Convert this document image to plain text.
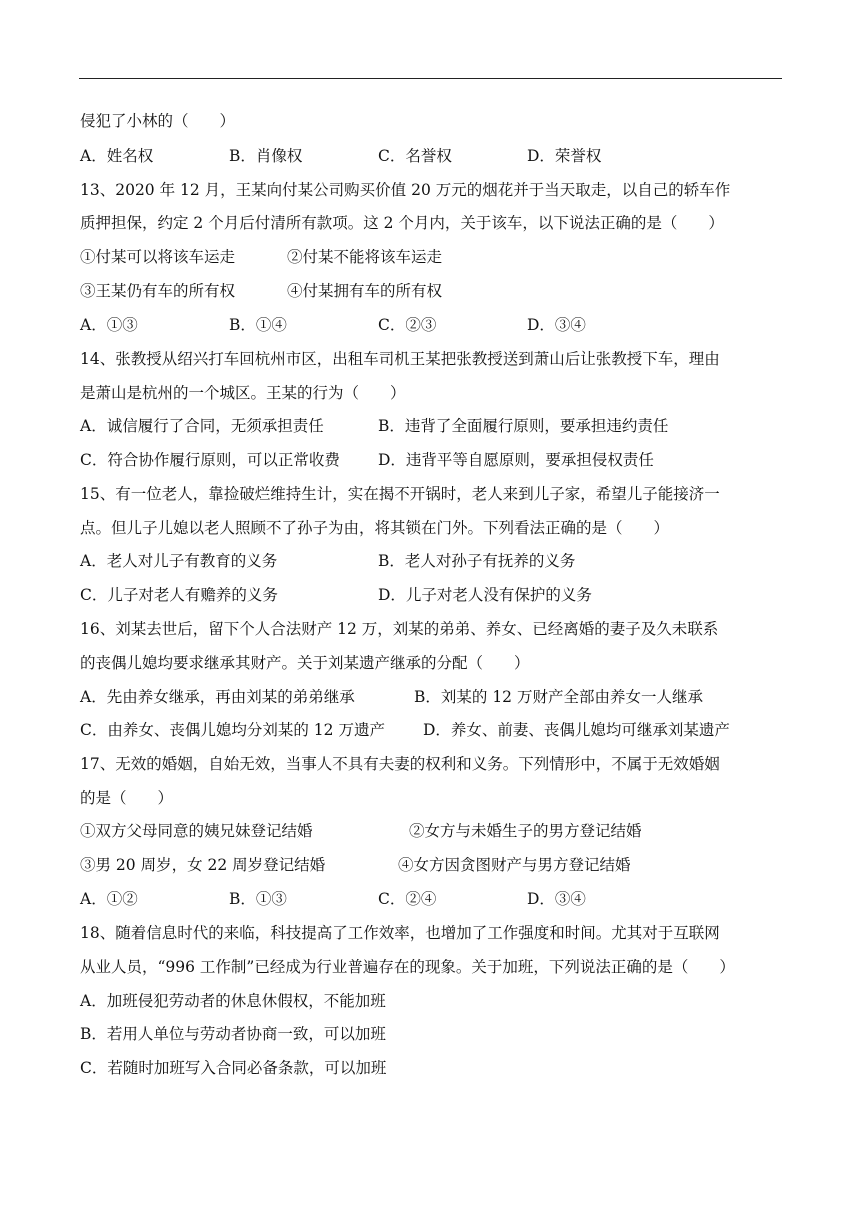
侵犯了小林的（　　）
A．姓名权	B．肖像权	C．名誉权	D．荣誉权
13、2020 年 12 月，王某向付某公司购买价值 20 万元的烟花并于当天取走，以自己的轿车作
质押担保，约定 2 个月后付清所有款项。这 2 个月内，关于该车，以下说法正确的是（　　）
①付某可以将该车运走	②付某不能将该车运走
③王某仍有车的所有权	④付某拥有车的所有权
A．①③	B．①④	C．②③	D．③④
14、张教授从绍兴打车回杭州市区，出租车司机王某把张教授送到萧山后让张教授下车，理由
是萧山是杭州的一个城区。王某的行为（　　）
A．诚信履行了合同，无须承担责任	B．违背了全面履行原则，要承担违约责任
C．符合协作履行原则，可以正常收费 D．违背平等自愿原则，要承担侵权责任
15、有一位老人，靠捡破烂维持生计，实在揭不开锅时，老人来到儿子家，希望儿子能接济一
点。但儿子儿媳以老人照顾不了孙子为由，将其锁在门外。下列看法正确的是（　　）
A．老人对儿子有教育的义务	B．老人对孙子有抚养的义务
C．儿子对老人有赡养的义务	D．儿子对老人没有保护的义务
16、刘某去世后，留下个人合法财产 12 万，刘某的弟弟、养女、已经离婚的妻子及久未联系
的丧偶儿媳均要求继承其财产。关于刘某遗产继承的分配（　　）
A．先由养女继承，再由刘某的弟弟继承	B．刘某的 12 万财产全部由养女一人继承
C．由养女、丧偶儿媳均分刘某的 12 万遗产 D．养女、前妻、丧偶儿媳均可继承刘某遗产
17、无效的婚姻，自始无效，当事人不具有夫妻的权利和义务。下列情形中，不属于无效婚姻
的是（　　）
①双方父母同意的姨兄妹登记结婚	②女方与未婚生子的男方登记结婚
③男 20 周岁，女 22 周岁登记结婚	④女方因贪图财产与男方登记结婚
A．①②	B．①③	C．②④	D．③④
18、随着信息时代的来临，科技提高了工作效率，也增加了工作强度和时间。尤其对于互联网
从业人员，“996 工作制”已经成为行业普遍存在的现象。关于加班，下列说法正确的是（　　）
A．加班侵犯劳动者的休息休假权，不能加班
B．若用人单位与劳动者协商一致，可以加班
C．若随时加班写入合同必备条款，可以加班
